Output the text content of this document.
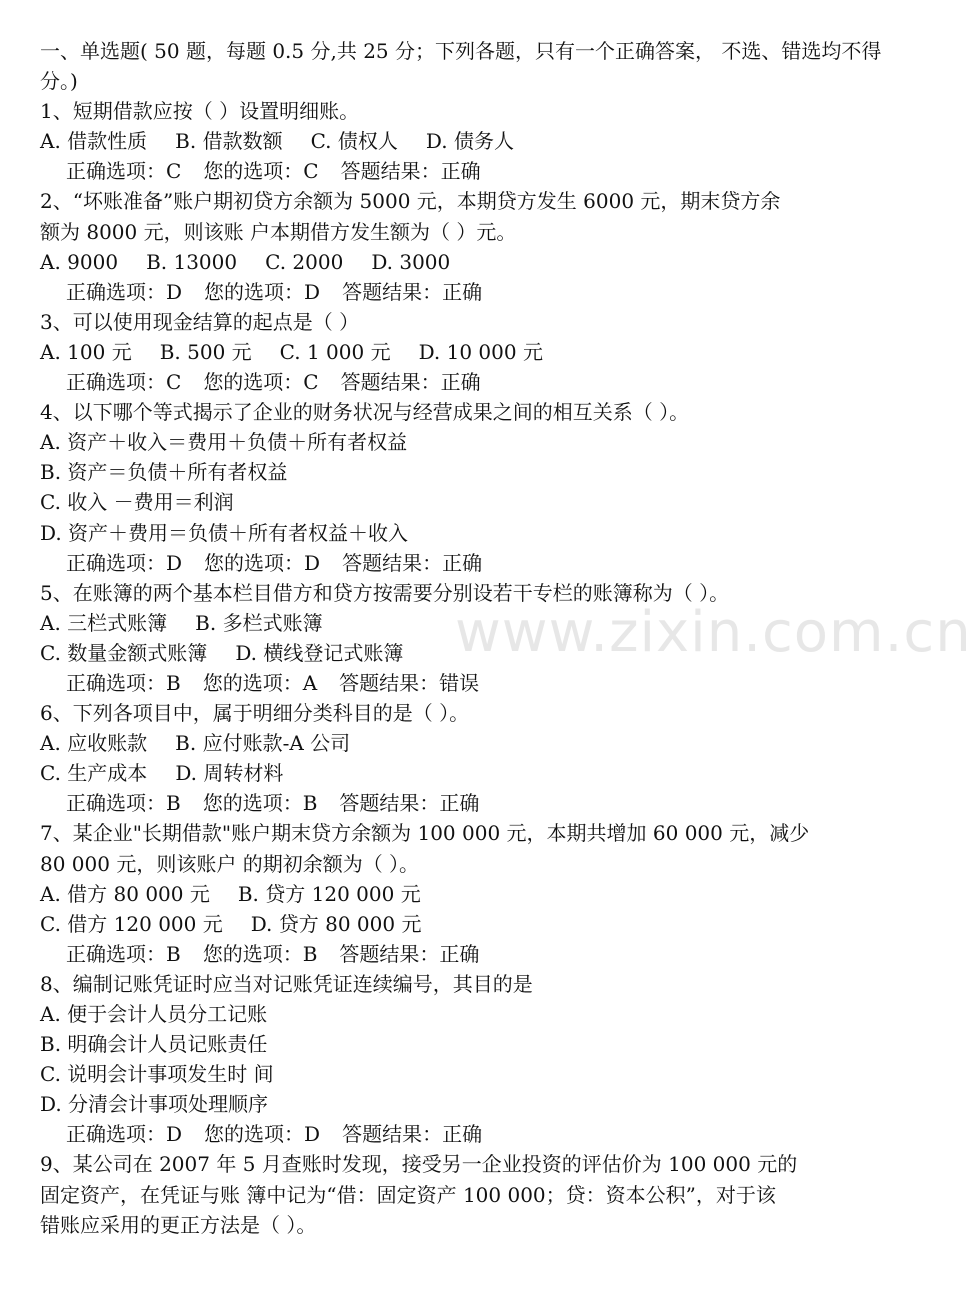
www.zixin.com.cn
一、单选题( 50 题，每题 0.5 分,共 25 分；下列各题，只有一个正确答案， 不选、错选均不得分。)
1、短期借款应按（ ）设置明细账。
A. 借款性质 B. 借款数额 C. 债权人 D. 债务人
正确选项：C 您的选项：C 答题结果：正确
2、“坏账准备”账户期初贷方余额为 5000 元，本期贷方发生 6000 元，期末贷方余
额为 8000 元，则该账 户本期借方发生额为（ ）元。
A. 9000 B. 13000 C. 2000 D. 3000
正确选项：D 您的选项：D 答题结果：正确
3、可以使用现金结算的起点是（ ）
A. 100 元 B. 500 元 C. 1 000 元 D. 10 000 元
正确选项：C 您的选项：C 答题结果：正确
4、以下哪个等式揭示了企业的财务状况与经营成果之间的相互关系（ ）。
A. 资产＋收入＝费用＋负债＋所有者权益
B. 资产＝负债＋所有者权益
C. 收入 －费用＝利润
D. 资产＋费用＝负债＋所有者权益＋收入
正确选项：D 您的选项：D 答题结果：正确
5、在账簿的两个基本栏目借方和贷方按需要分别设若干专栏的账簿称为（ ）。
A. 三栏式账簿 B. 多栏式账簿
C. 数量金额式账簿 D. 横线登记式账簿
正确选项：B 您的选项：A 答题结果：错误
6、下列各项目中，属于明细分类科目的是（ ）。
A. 应收账款 B. 应付账款-A 公司
C. 生产成本 D. 周转材料
正确选项：B 您的选项：B 答题结果：正确
7、某企业"长期借款"账户期末贷方余额为 100 000 元，本期共增加 60 000 元，减少
80 000 元，则该账户 的期初余额为（ ）。
A. 借方 80 000 元 B. 贷方 120 000 元
C. 借方 120 000 元 D. 贷方 80 000 元
正确选项：B 您的选项：B 答题结果：正确
8、编制记账凭证时应当对记账凭证连续编号，其目的是
A. 便于会计人员分工记账
B. 明确会计人员记账责任
C. 说明会计事项发生时 间
D. 分清会计事项处理顺序
正确选项：D 您的选项：D 答题结果：正确
9、某公司在 2007 年 5 月查账时发现，接受另一企业投资的评估价为 100 000 元的
固定资产，在凭证与账 簿中记为“借：固定资产 100 000；贷：资本公积”，对于该
错账应采用的更正方法是（ ）。
